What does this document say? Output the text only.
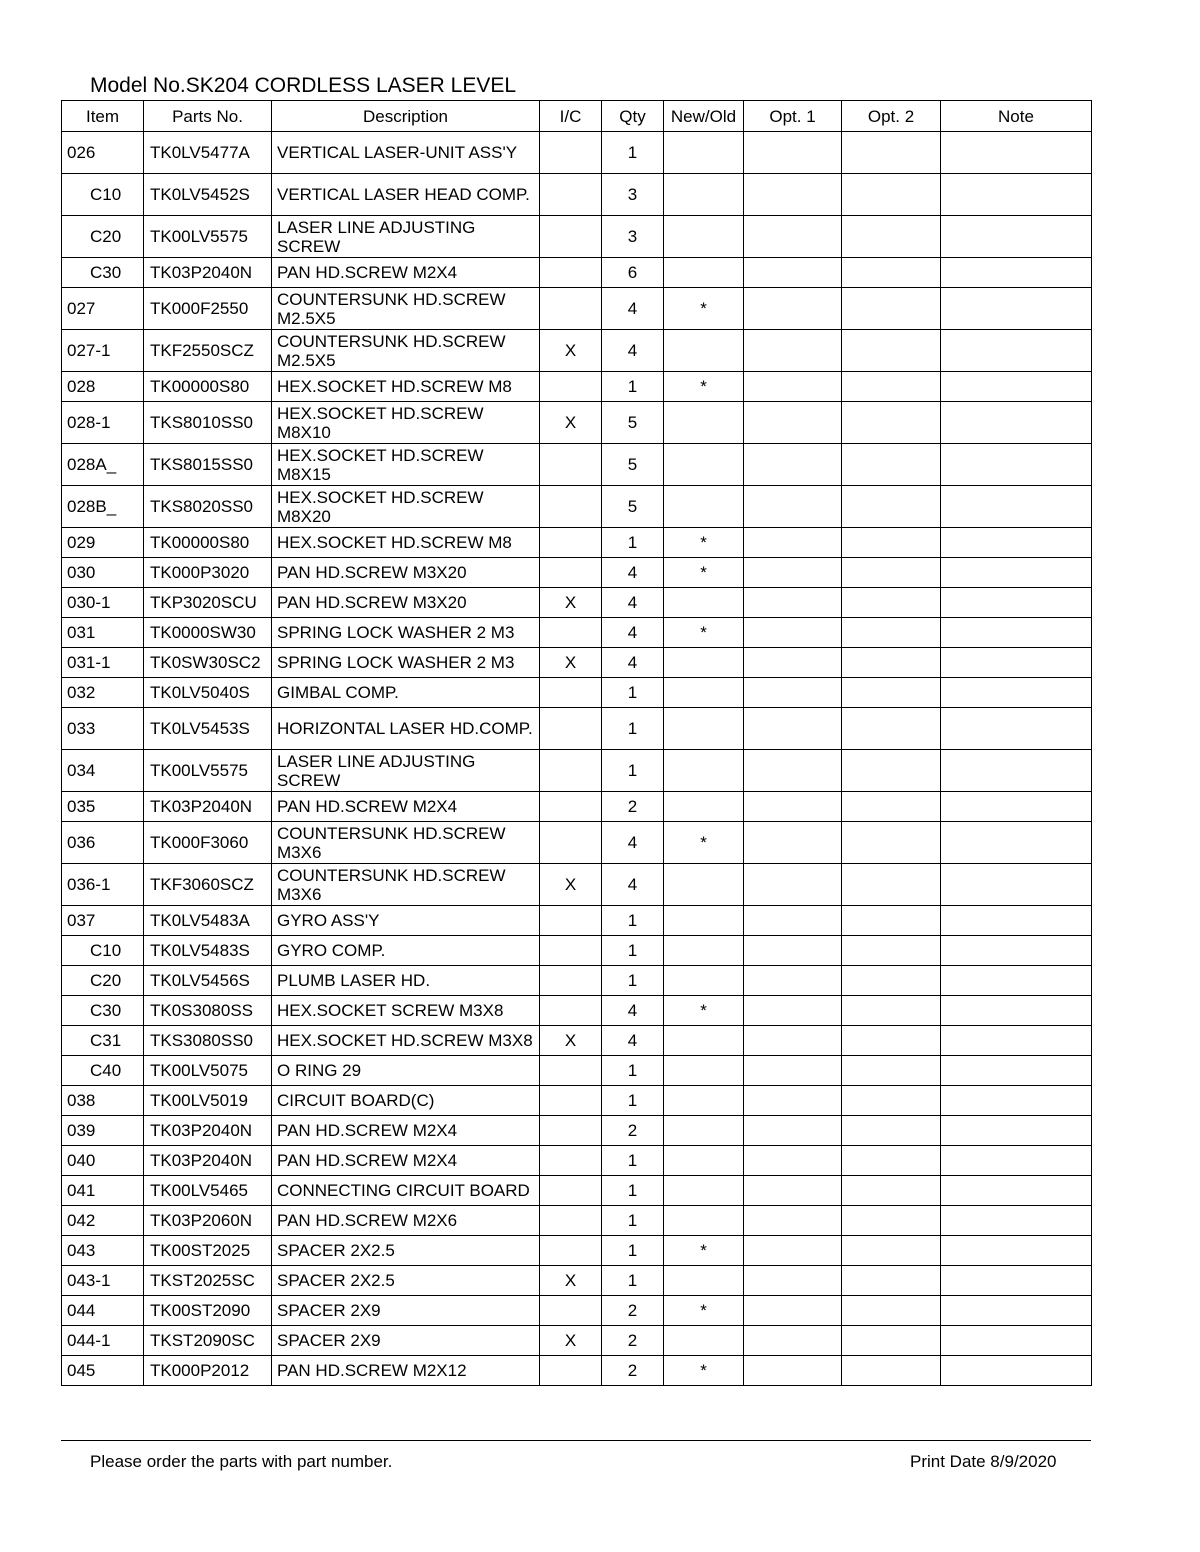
Model No.SK204 CORDLESS LASER LEVEL
Item	Parts No.	Description	I/C	Qty	New/Old	Opt. 1	Opt. 2	Note
026	TK0LV5477A	VERTICAL LASER-UNIT ASS'Y		1				
C10	TK0LV5452S	VERTICAL LASER HEAD COMP.		3				
C20	TK00LV5575	LASER LINE ADJUSTING SCREW		3				
C30	TK03P2040N	PAN HD.SCREW M2X4		6				
027	TK000F2550	COUNTERSUNK HD.SCREW M2.5X5		4	*			
027-1	TKF2550SCZ	COUNTERSUNK HD.SCREW M2.5X5	X	4				
028	TK00000S80	HEX.SOCKET HD.SCREW M8		1	*			
028-1	TKS8010SS0	HEX.SOCKET HD.SCREW M8X10	X	5				
028A_	TKS8015SS0	HEX.SOCKET HD.SCREW M8X15		5				
028B_	TKS8020SS0	HEX.SOCKET HD.SCREW M8X20		5				
029	TK00000S80	HEX.SOCKET HD.SCREW M8		1	*			
030	TK000P3020	PAN HD.SCREW M3X20		4	*			
030-1	TKP3020SCU	PAN HD.SCREW M3X20	X	4				
031	TK0000SW30	SPRING LOCK WASHER 2 M3		4	*			
031-1	TK0SW30SC2	SPRING LOCK WASHER 2 M3	X	4				
032	TK0LV5040S	GIMBAL COMP.		1				
033	TK0LV5453S	HORIZONTAL LASER HD.COMP.		1				
034	TK00LV5575	LASER LINE ADJUSTING SCREW		1				
035	TK03P2040N	PAN HD.SCREW M2X4		2				
036	TK000F3060	COUNTERSUNK HD.SCREW M3X6		4	*			
036-1	TKF3060SCZ	COUNTERSUNK HD.SCREW M3X6	X	4				
037	TK0LV5483A	GYRO ASS'Y		1				
C10	TK0LV5483S	GYRO COMP.		1				
C20	TK0LV5456S	PLUMB LASER HD.		1				
C30	TK0S3080SS	HEX.SOCKET SCREW M3X8		4	*			
C31	TKS3080SS0	HEX.SOCKET HD.SCREW M3X8	X	4				
C40	TK00LV5075	O RING 29		1				
038	TK00LV5019	CIRCUIT BOARD(C)		1				
039	TK03P2040N	PAN HD.SCREW M2X4		2				
040	TK03P2040N	PAN HD.SCREW M2X4		1				
041	TK00LV5465	CONNECTING CIRCUIT BOARD		1				
042	TK03P2060N	PAN HD.SCREW M2X6		1				
043	TK00ST2025	SPACER 2X2.5		1	*			
043-1	TKST2025SC	SPACER 2X2.5	X	1				
044	TK00ST2090	SPACER 2X9		2	*			
044-1	TKST2090SC	SPACER 2X9	X	2				
045	TK000P2012	PAN HD.SCREW M2X12		2	*			
Please order the parts with part number.	Print Date 8/9/2020
